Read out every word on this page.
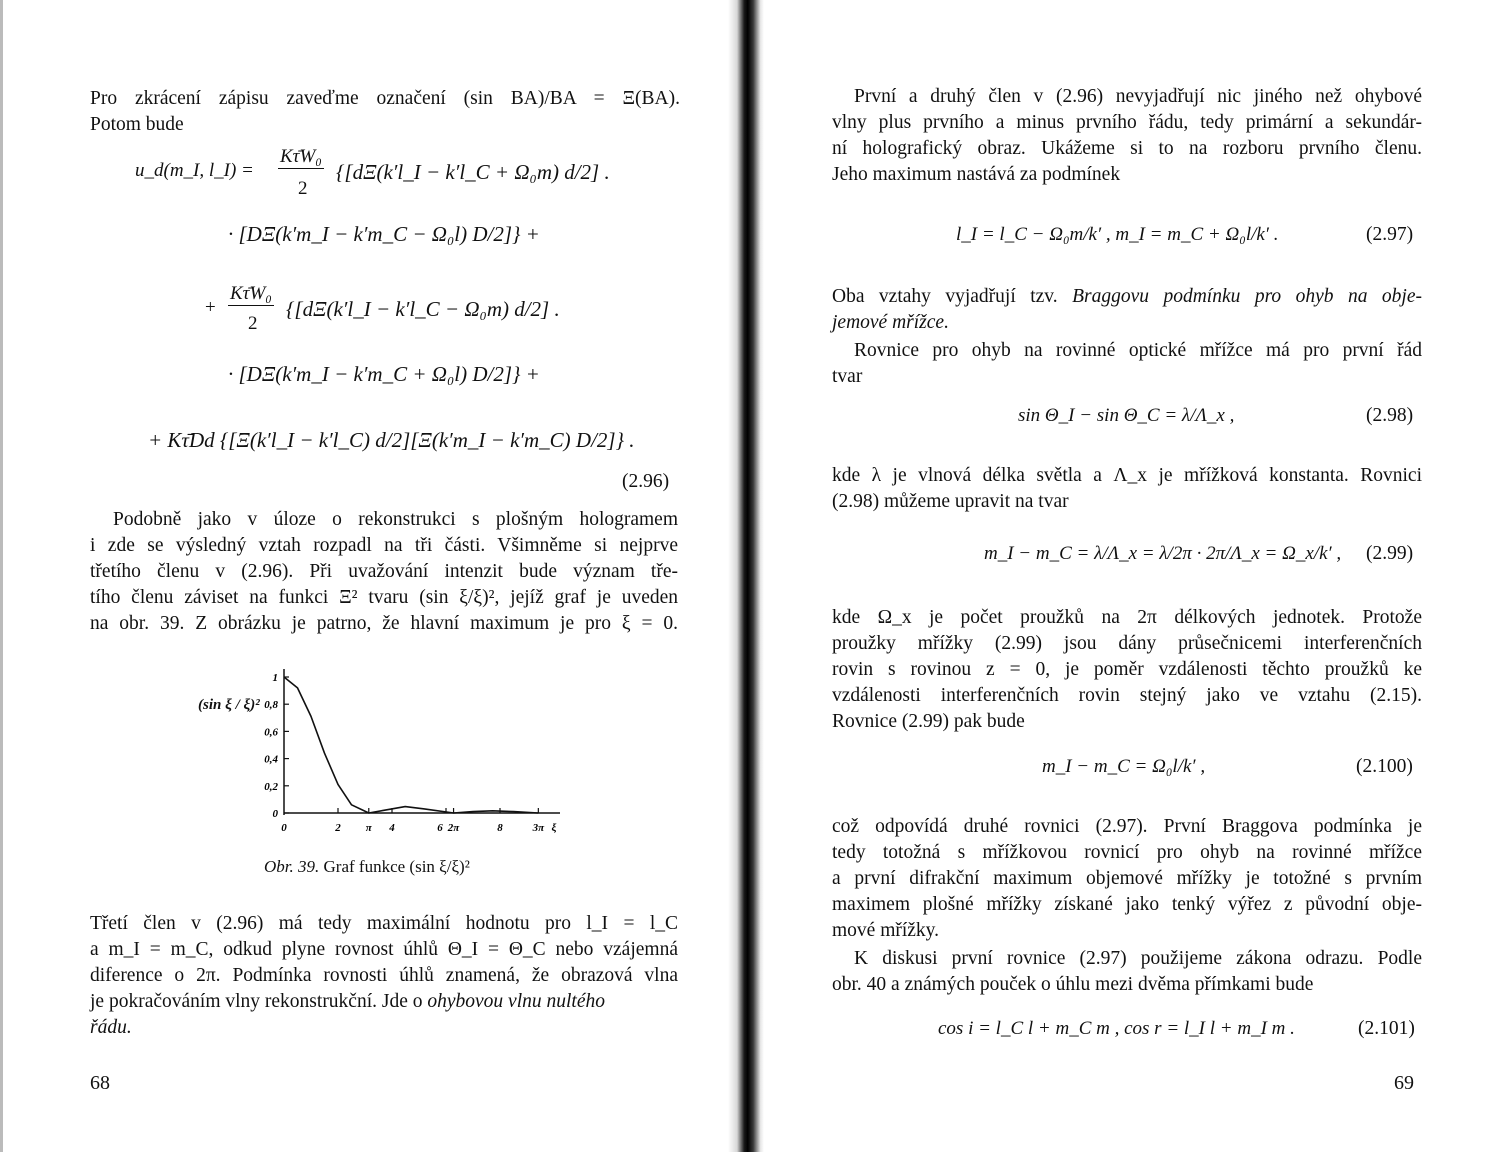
Pro zkrácení zápisu zaveďme označení (sin BA)/BA = Ξ(BA).
Potom bude
u_d(m_I, l_I) =
Kτ̄W₀
2
{[dΞ(k′l_I − k′l_C + Ω₀m) d/2] .
· [DΞ(k′m_I − k′m_C − Ω₀l) D/2]} +
+
Kτ̄W₀
2
{[dΞ(k′l_I − k′l_C − Ω₀m) d/2] .
· [DΞ(k′m_I − k′m_C + Ω₀l) D/2]} +
+ Kτ̄Dd {[Ξ(k′l_I − k′l_C) d/2][Ξ(k′m_I − k′m_C) D/2]} .
(2.96)
Podobně jako v úloze o rekonstrukci s plošným hologramem
i zde se výsledný vztah rozpadl na tři části. Všimněme si nejprve
třetího členu v (2.96). Při uvažování intenzit bude význam tře-
tího členu záviset na funkci Ξ² tvaru (sin ξ/ξ)², jejíž graf je uveden
na obr. 39. Z obrázku je patrno, že hlavní maximum je pro ξ = 0.
(sin ξ / ξ)²
1
0,8
0,6
0,4
0,2
0
0	2 π 4	6 2π	8	3π ξ
Obr. 39. Graf funkce (sin ξ/ξ)²
Třetí člen v (2.96) má tedy maximální hodnotu pro l_I = l_C
a m_I = m_C, odkud plyne rovnost úhlů Θ_I = Θ_C nebo vzájemná
diference o 2π. Podmínka rovnosti úhlů znamená, že obrazová vlna
je pokračováním vlny rekonstrukční. Jde o ohybovou vlnu nultého
řádu.
68
První a druhý člen v (2.96) nevyjadřují nic jiného než ohybové
vlny plus prvního a minus prvního řádu, tedy primární a sekundár-
ní holografický obraz. Ukážeme si to na rozboru prvního členu.
Jeho maximum nastává za podmínek
l_I = l_C − Ω₀m/k′ , m_I = m_C + Ω₀l/k′ .	(2.97)
Oba vztahy vyjadřují tzv. Braggovu podmínku pro ohyb na obje-
jemové mřížce.
Rovnice pro ohyb na rovinné optické mřížce má pro první řád
tvar
sin Θ_I − sin Θ_C = λ/Λ_x ,	(2.98)
kde λ je vlnová délka světla a Λ_x je mřížková konstanta. Rovnici
(2.98) můžeme upravit na tvar
m_I − m_C = λ/Λ_x = λ/2π · 2π/Λ_x = Ω_x/k′ , (2.99)
kde Ω_x je počet proužků na 2π délkových jednotek. Protože
proužky mřížky (2.99) jsou dány průsečnicemi interferenčních
rovin s rovinou z = 0, je poměr vzdálenosti těchto proužků ke
vzdálenosti interferenčních rovin stejný jako ve vztahu (2.15).
Rovnice (2.99) pak bude
m_I − m_C = Ω₀l/k′ ,	(2.100)
což odpovídá druhé rovnici (2.97). První Braggova podmínka je
tedy totožná s mřížkovou rovnicí pro ohyb na rovinné mřížce
a první difrakční maximum objemové mřížky je totožné s prvním
maximem plošné mřížky získané jako tenký výřez z původní obje-
mové mřížky.
K diskusi první rovnice (2.97) použijeme zákona odrazu. Podle
obr. 40 a známých pouček o úhlu mezi dvěma přímkami bude
cos i = l_C l + m_C m , cos r = l_I l + m_I m .	(2.101)
69
